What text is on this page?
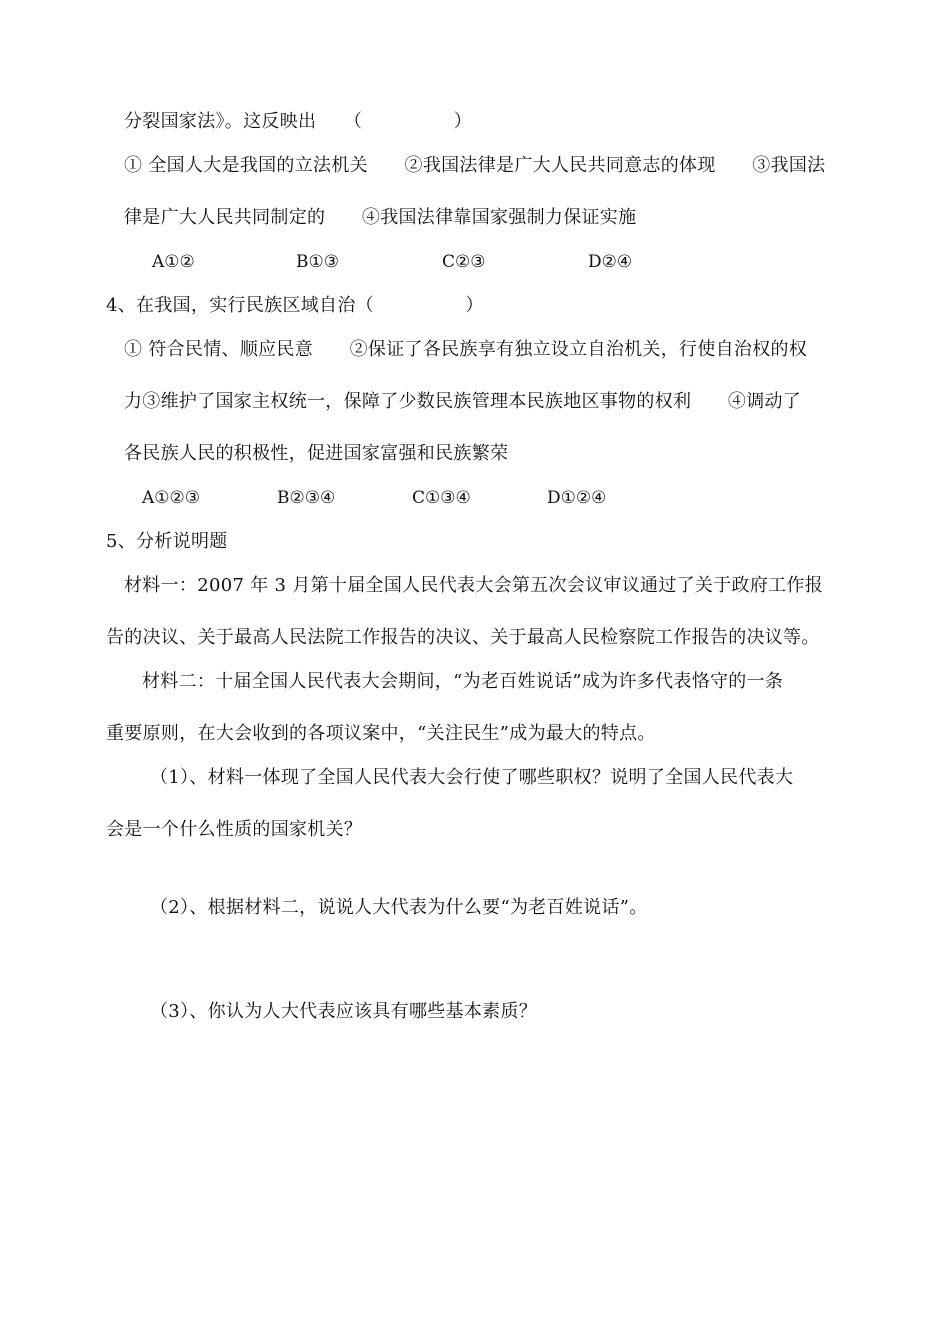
分裂国家法》。这反映出　　（　　　　　）
① 全国人大是我国的立法机关　　②我国法律是广大人民共同意志的体现　　③我国法
律是广大人民共同制定的　　④我国法律靠国家强制力保证实施
A①②	B①③	C②③	D②④
4、在我国，实行民族区域自治（　　　　　）
① 符合民情、顺应民意　　②保证了各民族享有独立设立自治机关，行使自治权的权
力③维护了国家主权统一，保障了少数民族管理本民族地区事物的权利　　④调动了
各民族人民的积极性，促进国家富强和民族繁荣
A①②③	B②③④	C①③④	D①②④
5、分析说明题
材料一：2007 年 3 月第十届全国人民代表大会第五次会议审议通过了关于政府工作报
告的决议、关于最高人民法院工作报告的决议、关于最高人民检察院工作报告的决议等。
材料二：十届全国人民代表大会期间，“为老百姓说话”成为许多代表恪守的一条
重要原则，在大会收到的各项议案中，“关注民生”成为最大的特点。
（1）、材料一体现了全国人民代表大会行使了哪些职权？说明了全国人民代表大
会是一个什么性质的国家机关？
（2）、根据材料二，说说人大代表为什么要“为老百姓说话”。
（3）、你认为人大代表应该具有哪些基本素质？
